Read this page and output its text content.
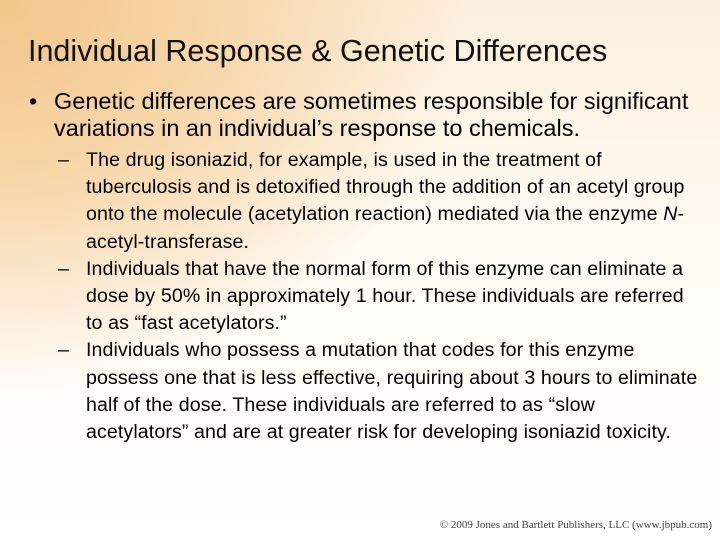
Individual Response & Genetic Differences
• Genetic differences are sometimes responsible for significant variations in an individual’s response to chemicals.
– The drug isoniazid, for example, is used in the treatment of tuberculosis and is detoxified through the addition of an acetyl group onto the molecule (acetylation reaction) mediated via the enzyme N-acetyl-transferase.
– Individuals that have the normal form of this enzyme can eliminate a dose by 50% in approximately 1 hour. These individuals are referred to as “fast acetylators.”
– Individuals who possess a mutation that codes for this enzyme possess one that is less effective, requiring about 3 hours to eliminate half of the dose. These individuals are referred to as “slow acetylators” and are at greater risk for developing isoniazid toxicity.
© 2009 Jones and Bartlett Publishers, LLC (www.jbpub.com)
